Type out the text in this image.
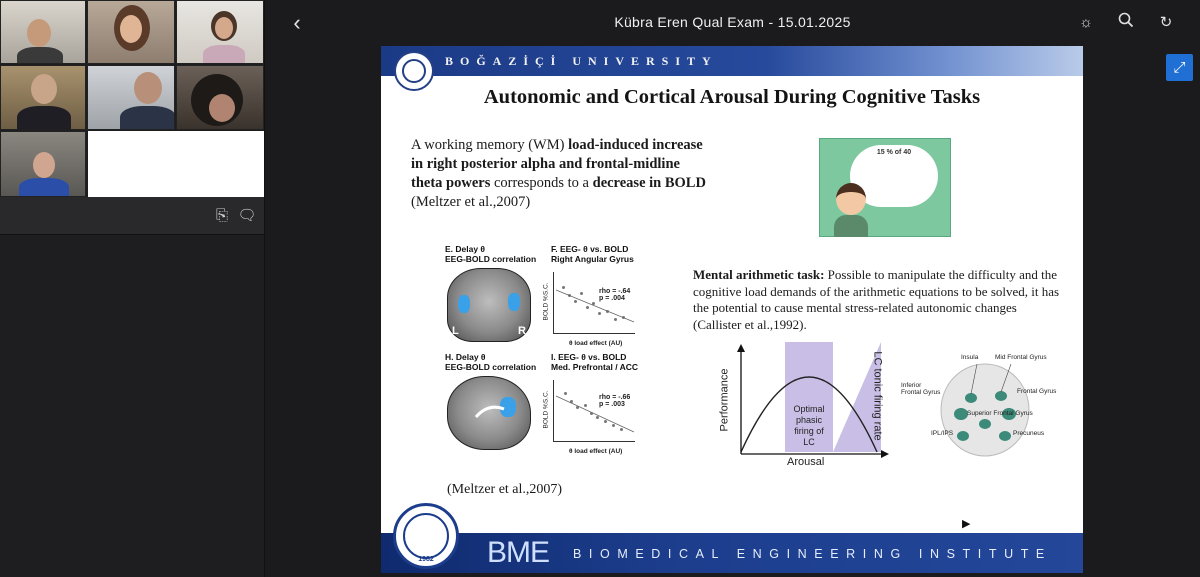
⎘ 🗨
‹	Kübra Eren Qual Exam - 15.01.2025	☼	↻
⤢
BOĞAZİÇİ UNIVERSITY
Autonomic and Cortical Arousal During Cognitive Tasks
A working memory (WM) load-induced increase in right posterior alpha and frontal-midline theta powers corresponds to a decrease in BOLD
(Meltzer et al.,2007)
E. Delay θ
EEG-BOLD correlation
L	R
F. EEG- θ vs. BOLD
Right Angular Gyrus
BOLD %S.C.	rho = -.64
p = .004
θ load effect (AU)
H. Delay θ
EEG-BOLD correlation
I. EEG- θ vs. BOLD
Med. Prefrontal / ACC
BOLD %S.C.	rho = -.66
p = .003
θ load effect (AU)
(Meltzer et al.,2007)
15 % of 40
Mental arithmetic task: Possible to manipulate the difficulty and the cognitive load demands of the arithmetic equations to be solved, it has the potential to cause mental stress-related autonomic changes (Callister et al.,1992).
Performance
Arousal
LC tonic firing rate
Optimal
phasic
firing of
LC
Insula	Mid Frontal Gyrus
Inferior
Frontal Gyrus	Frontal Gyrus
Superior Frontal Gyrus
IPL/IPS	Precuneus
▶
1982	BME BIOMEDICAL ENGINEERING INSTITUTE
